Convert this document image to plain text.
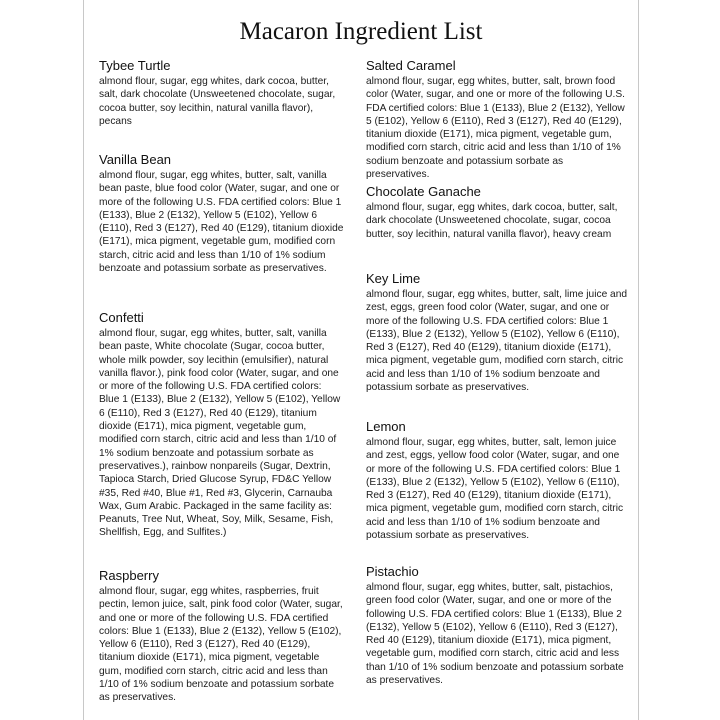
Macaron Ingredient List
Tybee Turtle

almond flour, sugar, egg whites, dark cocoa, butter, salt, dark chocolate (Unsweetened chocolate, sugar, cocoa butter, soy lecithin, natural vanilla flavor), pecans

Vanilla Bean

almond flour, sugar, egg whites, butter, salt, vanilla bean paste, blue food color (Water, sugar, and one or more of the following U.S. FDA certified colors: Blue 1 (E133), Blue 2 (E132), Yellow 5 (E102), Yellow 6 (E110), Red 3 (E127), Red 40 (E129), titanium dioxide (E171), mica pigment, vegetable gum, modified corn starch, citric acid and less than 1/10 of 1% sodium benzoate and potassium sorbate as preservatives.

Confetti

almond flour, sugar, egg whites, butter, salt, vanilla bean paste, White chocolate (Sugar, cocoa butter, whole milk powder, soy lecithin (emulsifier), natural vanilla flavor.), pink food color (Water, sugar, and one or more of the following U.S. FDA certified colors: Blue 1 (E133), Blue 2 (E132), Yellow 5 (E102), Yellow 6 (E110), Red 3 (E127), Red 40 (E129), titanium dioxide (E171), mica pigment, vegetable gum, modified corn starch, citric acid and less than 1/10 of 1% sodium benzoate and potassium sorbate as preservatives.), rainbow nonpareils (Sugar, Dextrin, Tapioca Starch, Dried Glucose Syrup, FD&C Yellow #35, Red #40, Blue #1, Red #3, Glycerin, Carnauba Wax, Gum Arabic. Packaged in the same facility as: Peanuts, Tree Nut, Wheat, Soy, Milk, Sesame, Fish, Shellfish, Egg, and Sulfites.)

Raspberry

almond flour, sugar, egg whites, raspberries, fruit pectin, lemon juice, salt, pink food color (Water, sugar, and one or more of the following U.S. FDA certified colors: Blue 1 (E133), Blue 2 (E132), Yellow 5 (E102), Yellow 6 (E110), Red 3 (E127), Red 40 (E129), titanium dioxide (E171), mica pigment, vegetable gum, modified corn starch, citric acid and less than 1/10 of 1% sodium benzoate and potassium sorbate as preservatives.

Salted Caramel

almond flour, sugar, egg whites, butter, salt, brown food color (Water, sugar, and one or more of the following U.S. FDA certified colors: Blue 1 (E133), Blue 2 (E132), Yellow 5 (E102), Yellow 6 (E110), Red 3 (E127), Red 40 (E129), titanium dioxide (E171), mica pigment, vegetable gum, modified corn starch, citric acid and less than 1/10 of 1% sodium benzoate and potassium sorbate as preservatives.

Chocolate Ganache

almond flour, sugar, egg whites, dark cocoa, butter, salt, dark chocolate (Unsweetened chocolate, sugar, cocoa butter, soy lecithin, natural vanilla flavor), heavy cream

Key Lime

almond flour, sugar, egg whites, butter, salt, lime juice and zest, eggs, green food color (Water, sugar, and one or more of the following U.S. FDA certified colors: Blue 1 (E133), Blue 2 (E132), Yellow 5 (E102), Yellow 6 (E110), Red 3 (E127), Red 40 (E129), titanium dioxide (E171), mica pigment, vegetable gum, modified corn starch, citric acid and less than 1/10 of 1% sodium benzoate and potassium sorbate as preservatives.

Lemon

almond flour, sugar, egg whites, butter, salt, lemon juice and zest, eggs, yellow food color (Water, sugar, and one or more of the following U.S. FDA certified colors: Blue 1 (E133), Blue 2 (E132), Yellow 5 (E102), Yellow 6 (E110), Red 3 (E127), Red 40 (E129), titanium dioxide (E171), mica pigment, vegetable gum, modified corn starch, citric acid and less than 1/10 of 1% sodium benzoate and potassium sorbate as preservatives.

Pistachio

almond flour, sugar, egg whites, butter, salt, pistachios, green food color (Water, sugar, and one or more of the following U.S. FDA certified colors: Blue 1 (E133), Blue 2 (E132), Yellow 5 (E102), Yellow 6 (E110), Red 3 (E127), Red 40 (E129), titanium dioxide (E171), mica pigment, vegetable gum, modified corn starch, citric acid and less than 1/10 of 1% sodium benzoate and potassium sorbate as preservatives.
